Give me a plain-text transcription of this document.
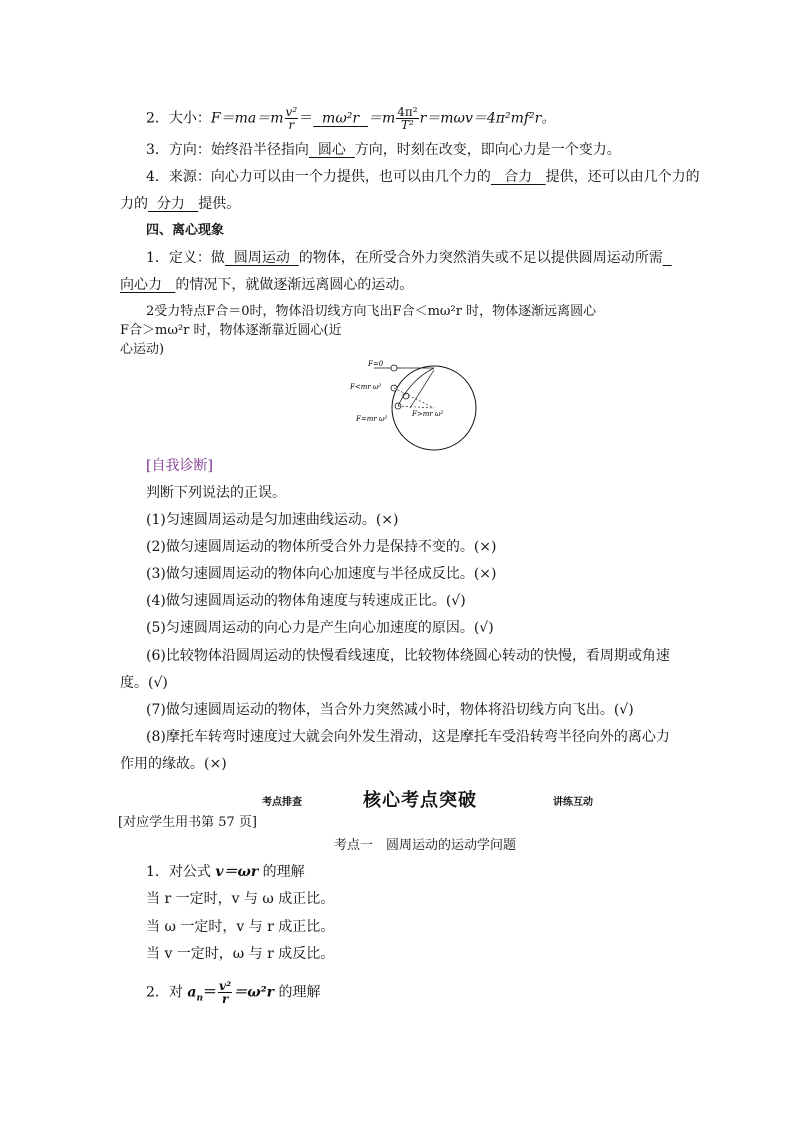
2．大小：$F=ma=m \frac{\text{v²}}{r} = m\omega^2r =m \frac{\text{4π²}}{\text{T²}} r=m\omega v=4\pi^2mf^2r$。
3．方向：始终沿半径指向 圆心 方向，时刻在改变，即向心力是一个变力。
4．来源：向心力可以由一个力提供，也可以由几个力的 合力 提供，还可以由几个力的
力的 分力 提供。
四、离心现象
1．定义：做 圆周运动 的物体，在所受合外力突然消失或不足以提供圆周运动所需
向心力 的情况下，就做逐渐远离圆心的运动。
2受力特点F合＝0时，物体沿切线方向飞出F合＜mω²r 时，物体逐渐远离圆心
F合＞mω²r 时，物体逐渐靠近圆心(近
心运动)
F=0
F<mr ω²
F=mr ω²
F>mr ω²
[自我诊断]
判断下列说法的正误。
(1)匀速圆周运动是匀加速曲线运动。(×)
(2)做匀速圆周运动的物体所受合外力是保持不变的。(×)
(3)做匀速圆周运动的物体向心加速度与半径成反比。(×)
(4)做匀速圆周运动的物体角速度与转速成正比。(√)
(5)匀速圆周运动的向心力是产生向心加速度的原因。(√)
(6)比较物体沿圆周运动的快慢看线速度，比较物体绕圆心转动的快慢，看周期或角速
度。(√)
(7)做匀速圆周运动的物体，当合外力突然减小时，物体将沿切线方向飞出。(√)
(8)摩托车转弯时速度过大就会向外发生滑动，这是摩托车受沿转弯半径向外的离心力
作用的缘故。(×)
考点排查	核心考点突破	讲练互动
[对应学生用书第 57 页]
考点一　圆周运动的运动学问题
1．对公式 v＝ωr 的理解
当 r 一定时，v 与 ω 成正比。
当 ω 一定时，v 与 r 成正比。
当 v 一定时，ω 与 r 成反比。
2．对 $a_n= \frac{\text{v²}}{r} =\omega^2r$ 的理解
